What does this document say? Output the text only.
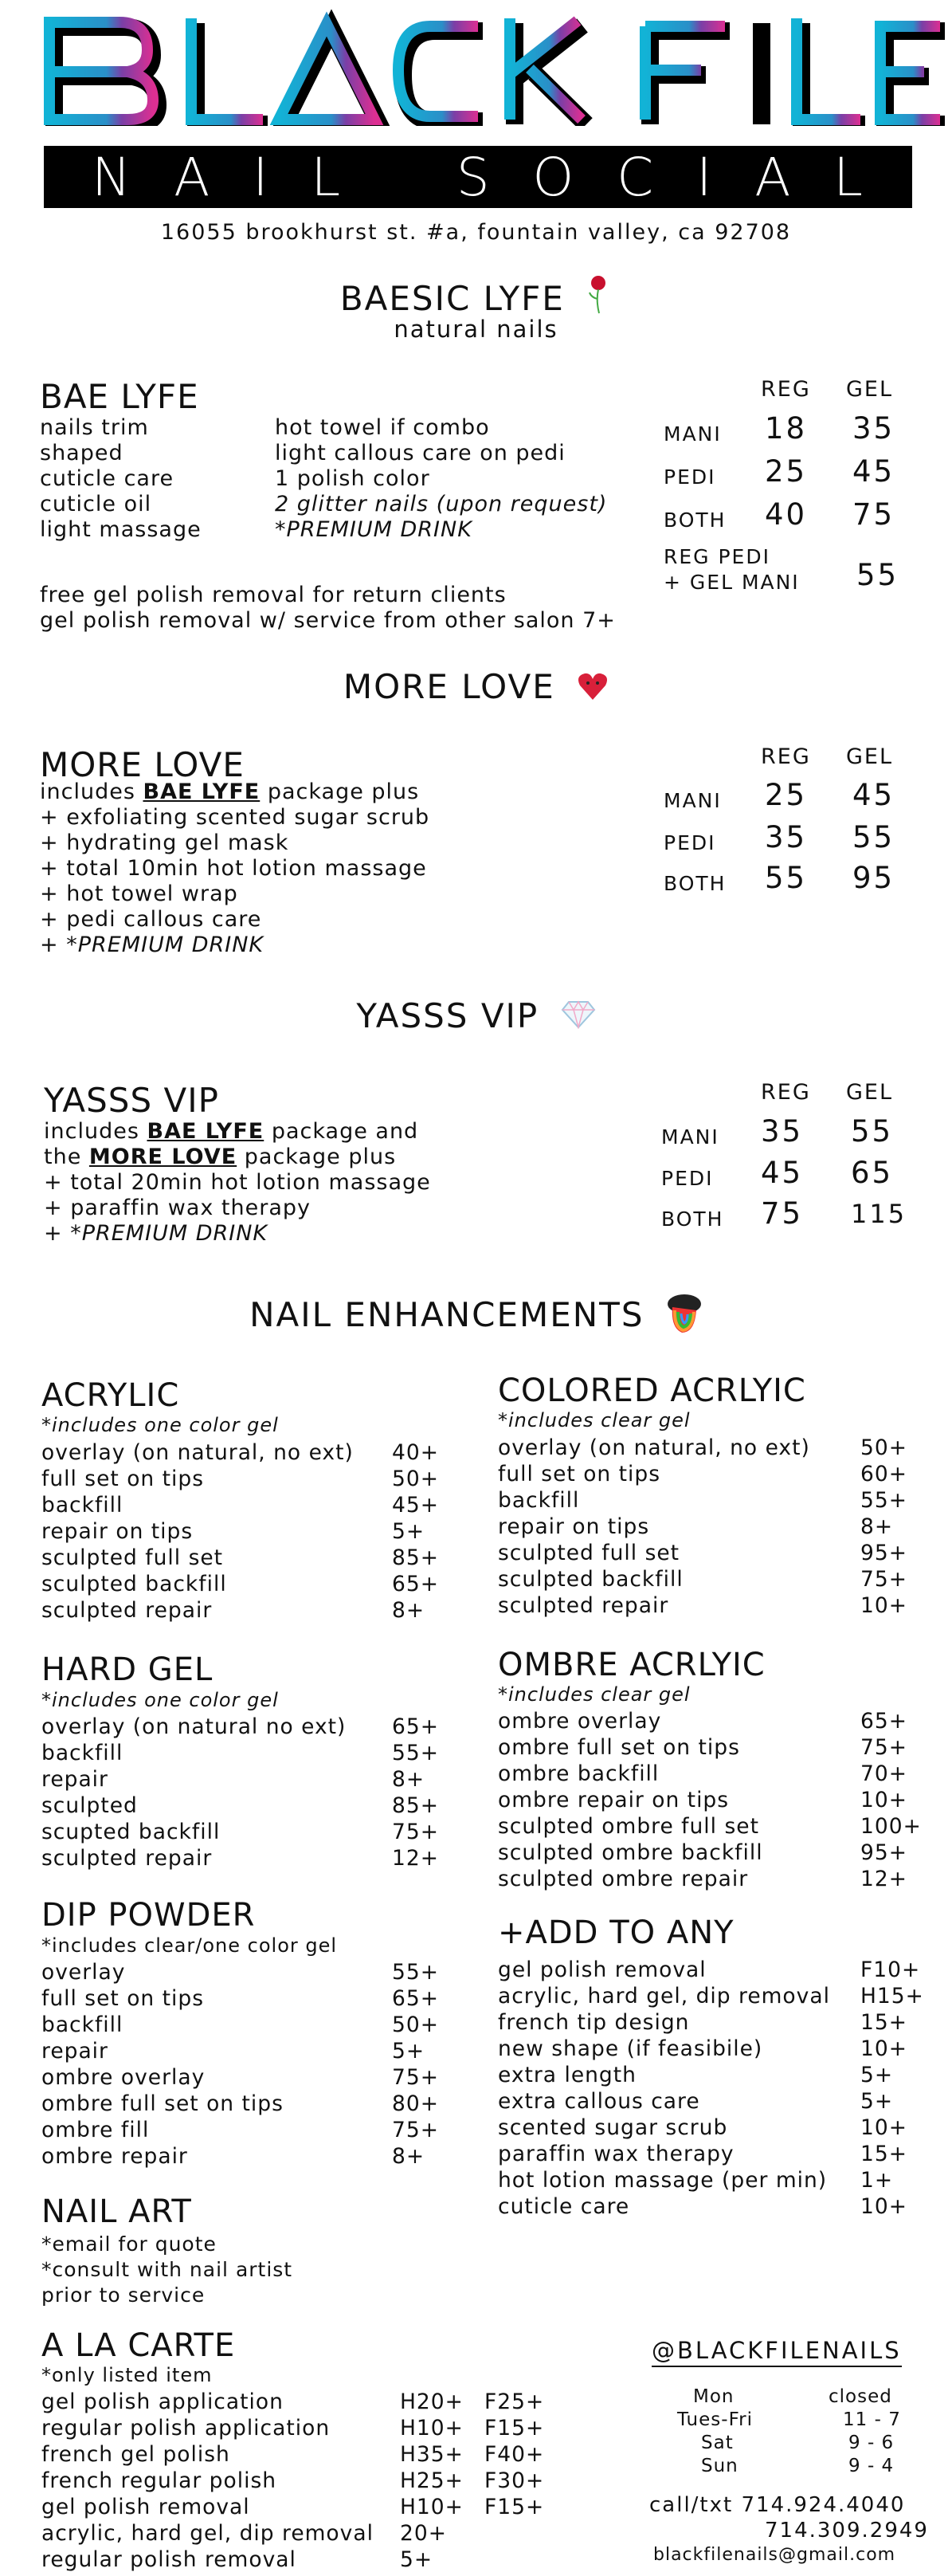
N A I L S O C I A L
16055 brookhurst st. #a, fountain valley, ca 92708
BAESIC LYFE
natural nails
BAE LYFE
nails trim
shaped
cuticle care
cuticle oil
light massage
hot towel if combo
light callous care on pedi
1 polish color
2 glitter nails (upon request)
*PREMIUM DRINK
free gel polish removal for return clients
gel polish removal w/ service from other salon 7+
REG GEL
MANI 18 35
PEDI 25 45
BOTH 40 75
REG PEDI
+ GEL MANI 55
MORE LOVE
MORE LOVE
includes BAE LYFE package plus
+ exfoliating scented sugar scrub
+ hydrating gel mask
+ total 10min hot lotion massage
+ hot towel wrap
+ pedi callous care
+ *PREMIUM DRINK
REG GEL
MANI 25 45
PEDI 35 55
BOTH 55 95
YASSS VIP
YASSS VIP
includes BAE LYFE package and
the MORE LOVE package plus
+ total 20min hot lotion massage
+ paraffin wax therapy
+ *PREMIUM DRINK
REG GEL
MANI 35 55
PEDI 45 65
BOTH 75 115
NAIL ENHANCEMENTS
ACRYLIC
*includes one color gel
overlay (on natural, no ext) 40+
full set on tips	50+
backfill	45+
repair on tips	5+
sculpted full set	85+
sculpted backfill	65+
sculpted repair	8+
COLORED ACRLYIC
*includes clear gel
overlay (on natural, no ext) 50+
full set on tips	60+
backfill	55+
repair on tips	8+
sculpted full set	95+
sculpted backfill	75+
sculpted repair	10+
HARD GEL
*includes one color gel
overlay (on natural no ext) 65+
backfill	55+
repair	8+
sculpted	85+
scupted backfill	75+
sculpted repair	12+
OMBRE ACRLYIC
*includes clear gel
ombre overlay	65+
ombre full set on tips	75+
ombre backfill	70+
ombre repair on tips	10+
sculpted ombre full set	100+
sculpted ombre backfill	95+
sculpted ombre repair	12+
DIP POWDER
*includes clear/one color gel
overlay	55+
full set on tips	65+
backfill	50+
repair	5+
ombre overlay	75+
ombre full set on tips	80+
ombre fill	75+
ombre repair	8+
+ADD TO ANY
gel polish removal	F10+
acrylic, hard gel, dip removal H15+
french tip design	15+
new shape (if feasibile)	10+
extra length	5+
extra callous care	5+
scented sugar scrub	10+
paraffin wax therapy	15+
hot lotion massage (per min) 1+
cuticle care	10+
NAIL ART
*email for quote
*consult with nail artist
prior to service
A LA CARTE
*only listed item
gel polish application	H20+ F25+
regular polish application	H10+ F15+
french gel polish	H35+ F40+
french regular polish	H25+ F30+
gel polish removal	H10+ F15+
acrylic, hard gel, dip removal 20+
regular polish removal	5+
@BLACKFILENAILS
Mon	closed
Tues-Fri	11 - 7
Sat	9 - 6
Sun	9 - 4
call/txt 714.924.4040
714.309.2949
blackfilenails@gmail.com
